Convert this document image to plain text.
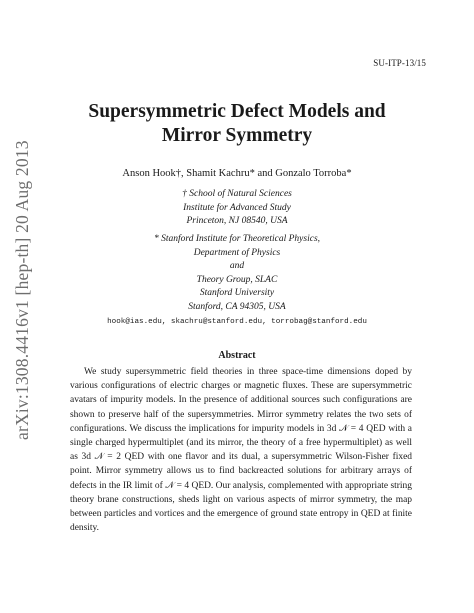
SU-ITP-13/15
arXiv:1308.4416v1 [hep-th] 20 Aug 2013
Supersymmetric Defect Models and
Mirror Symmetry
Anson Hook†, Shamit Kachru* and Gonzalo Torroba*
† School of Natural Sciences
Institute for Advanced Study
Princeton, NJ 08540, USA
* Stanford Institute for Theoretical Physics,
Department of Physics
and
Theory Group, SLAC
Stanford University
Stanford, CA 94305, USA
hook@ias.edu, skachru@stanford.edu, torrobag@stanford.edu
Abstract

We study supersymmetric field theories in three space-time dimensions doped by various configurations of electric charges or magnetic fluxes. These are supersymmetric avatars of impurity models. In the presence of additional sources such configurations are shown to preserve half of the supersymmetries. Mirror symmetry relates the two sets of configurations. We discuss the implications for impurity models in 3d 𝒩 = 4 QED with a single charged hypermultiplet (and its mirror, the theory of a free hypermultiplet) as well as 3d 𝒩 = 2 QED with one flavor and its dual, a supersymmetric Wilson-Fisher fixed point. Mirror symmetry allows us to find backreacted solutions for arbitrary arrays of defects in the IR limit of 𝒩 = 4 QED. Our analysis, complemented with appropriate string theory brane constructions, sheds light on various aspects of mirror symmetry, the map between particles and vortices and the emergence of ground state entropy in QED at finite density.
